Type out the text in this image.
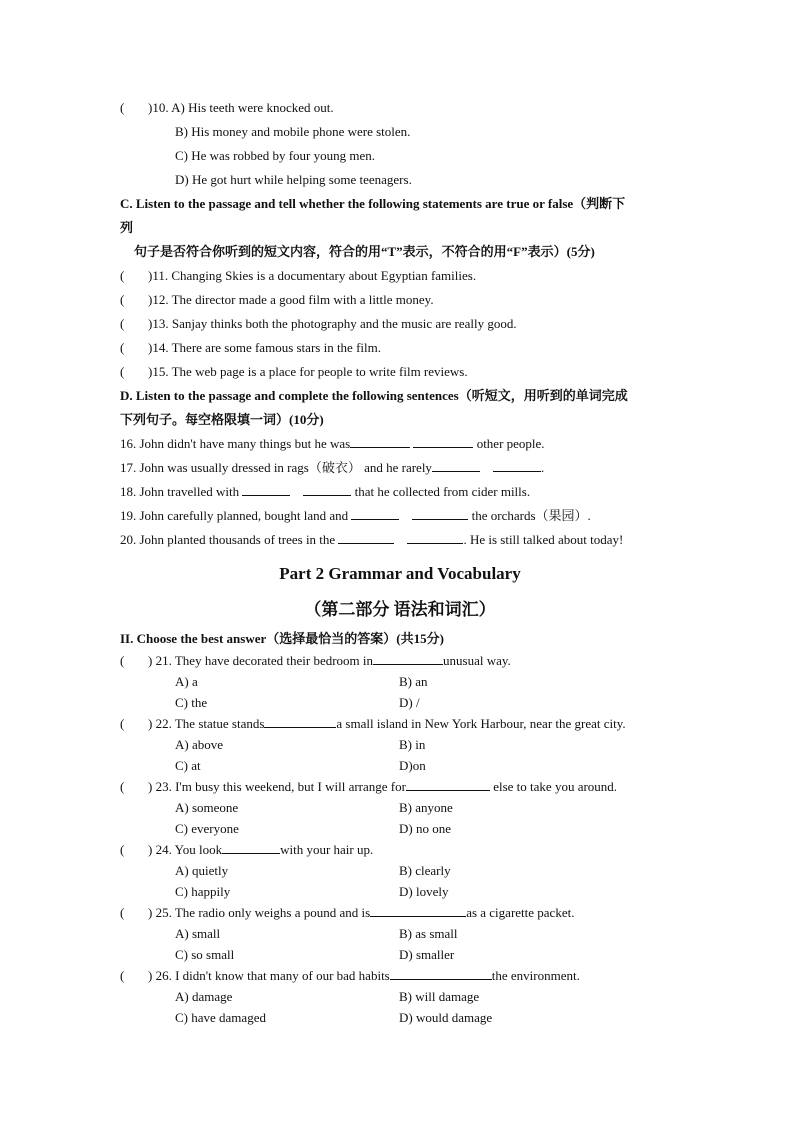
( )10. A) His teeth were knocked out.
B) His money and mobile phone were stolen.
C) He was robbed by four young men.
D) He got hurt while helping some teenagers.
C. Listen to the passage and tell whether the following statements are true or false（判断下
列
句子是否符合你听到的短文内容，符合的用“T”表示，不符合的用“F”表示）(5分)
( )11. Changing Skies is a documentary about Egyptian families.
( )12. The director made a good film with a little money.
( )13. Sanjay thinks both the photography and the music are really good.
( )14. There are some famous stars in the film.
( )15. The web page is a place for people to write film reviews.
D. Listen to the passage and complete the following sentences（听短文，用听到的单词完成
下列句子。每空格限填一词）(10分)
16. John didn't have many things but he was	other people.
17. John was usually dressed in rags（破衣） and he rarely	.
18. John travelled with	that he collected from cider mills.
19. John carefully planned, bought land and	the orchards（果园）.
20. John planted thousands of trees in the	. He is still talked about today!
Part 2 Grammar and Vocabulary
（第二部分 语法和词汇）
II. Choose the best answer（选择最恰当的答案）(共15分)
( ) 21. They have decorated their bedroom in	unusual way.
A) a	B) an
C) the	D) /
( ) 22. The statue stands	a small island in New York Harbour, near the great city.
A) above	B) in
C) at	D)on
( ) 23. I'm busy this weekend, but I will arrange for	else to take you around.
A) someone	B) anyone
C) everyone	D) no one
( ) 24. You look	with your hair up.
A) quietly	B) clearly
C) happily	D) lovely
( ) 25. The radio only weighs a pound and is	as a cigarette packet.
A) small	B) as small
C) so small	D) smaller
( ) 26. I didn't know that many of our bad habits	the environment.
A) damage	B) will damage
C) have damaged	D) would damage
